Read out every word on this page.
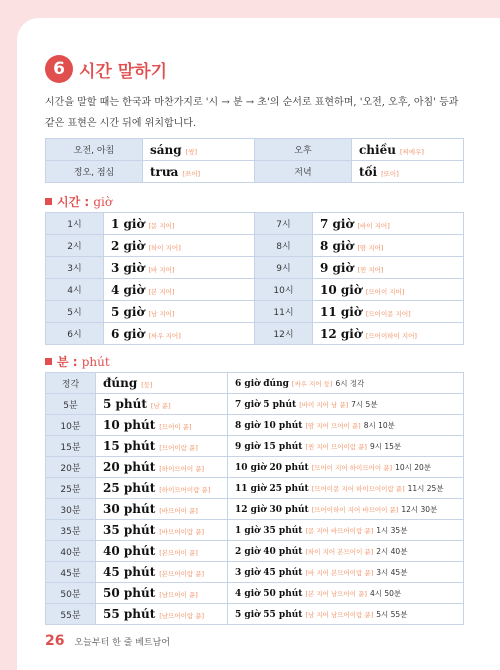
6 시간 말하기

시간을 말할 때는 한국과 마찬가지로 '시 → 분 → 초'의 순서로 표현하며, '오전, 오후, 아침' 등과 같은 표현은 시간 뒤에 위치합니다.

오전, 아침	sáng [쌍]	오후	chiều [찌에우]
정오, 점심	trưa [쯔어]	저녁	tối [또이]
시간 : giờ
1시	1 giờ [몯 지어]	7시	7 giờ [바이 지어]
2시	2 giờ [하이 지어]	8시	8 giờ [땀 지어]
3시	3 giờ [바 지어]	9시	9 giờ [찐 지어]
4시	4 giờ [본 지어]	10시	10 giờ [므어이 지어]
5시	5 giờ [남 지어]	11시	11 giờ [므어이몯 지어]
6시	6 giờ [싸우 지어]	12시	12 giờ [므어이하이 지어]
분 : phút
정각	đúng [둥]	6 giờ đúng [싸우 지어 둥] 6시 정각
5분	5 phút [남 푿]	7 giờ 5 phút [바이 지어 남 푿] 7시 5분
10분	10 phút [므어이 푿]	8 giờ 10 phút [땀 지어 므어이 푿] 8시 10분
15분	15 phút [므어이람 푿]	9 giờ 15 phút [찐 지어 므어이람 푿] 9시 15분
20분	20 phút [하이므어이 푿]	10 giờ 20 phút [므어이 지어 하이므어이 푿] 10시 20분
25분	25 phút [하이므어이람 푿]	11 giờ 25 phút [므어이몯 지어 하이므어이람 푿] 11시 25분
30분	30 phút [바므어이 푿]	12 giờ 30 phút [므어이하이 지어 바므어이 푿] 12시 30분
35분	35 phút [바므어이람 푿]	1 giờ 35 phút [몯 지어 바므어이람 푿] 1시 35분
40분	40 phút [본므어이 푿]	2 giờ 40 phút [하이 지어 본므어이 푿] 2시 40분
45분	45 phút [본므어이람 푿]	3 giờ 45 phút [바 지어 본므어이람 푿] 3시 45분
50분	50 phút [남므어이 푿]	4 giờ 50 phút [본 지어 남므어이 푿] 4시 50분
55분	55 phút [남므어이람 푿]	5 giờ 55 phút [남 지어 남므어이람 푿] 5시 55분
26 오늘부터 한 줄 베트남어
